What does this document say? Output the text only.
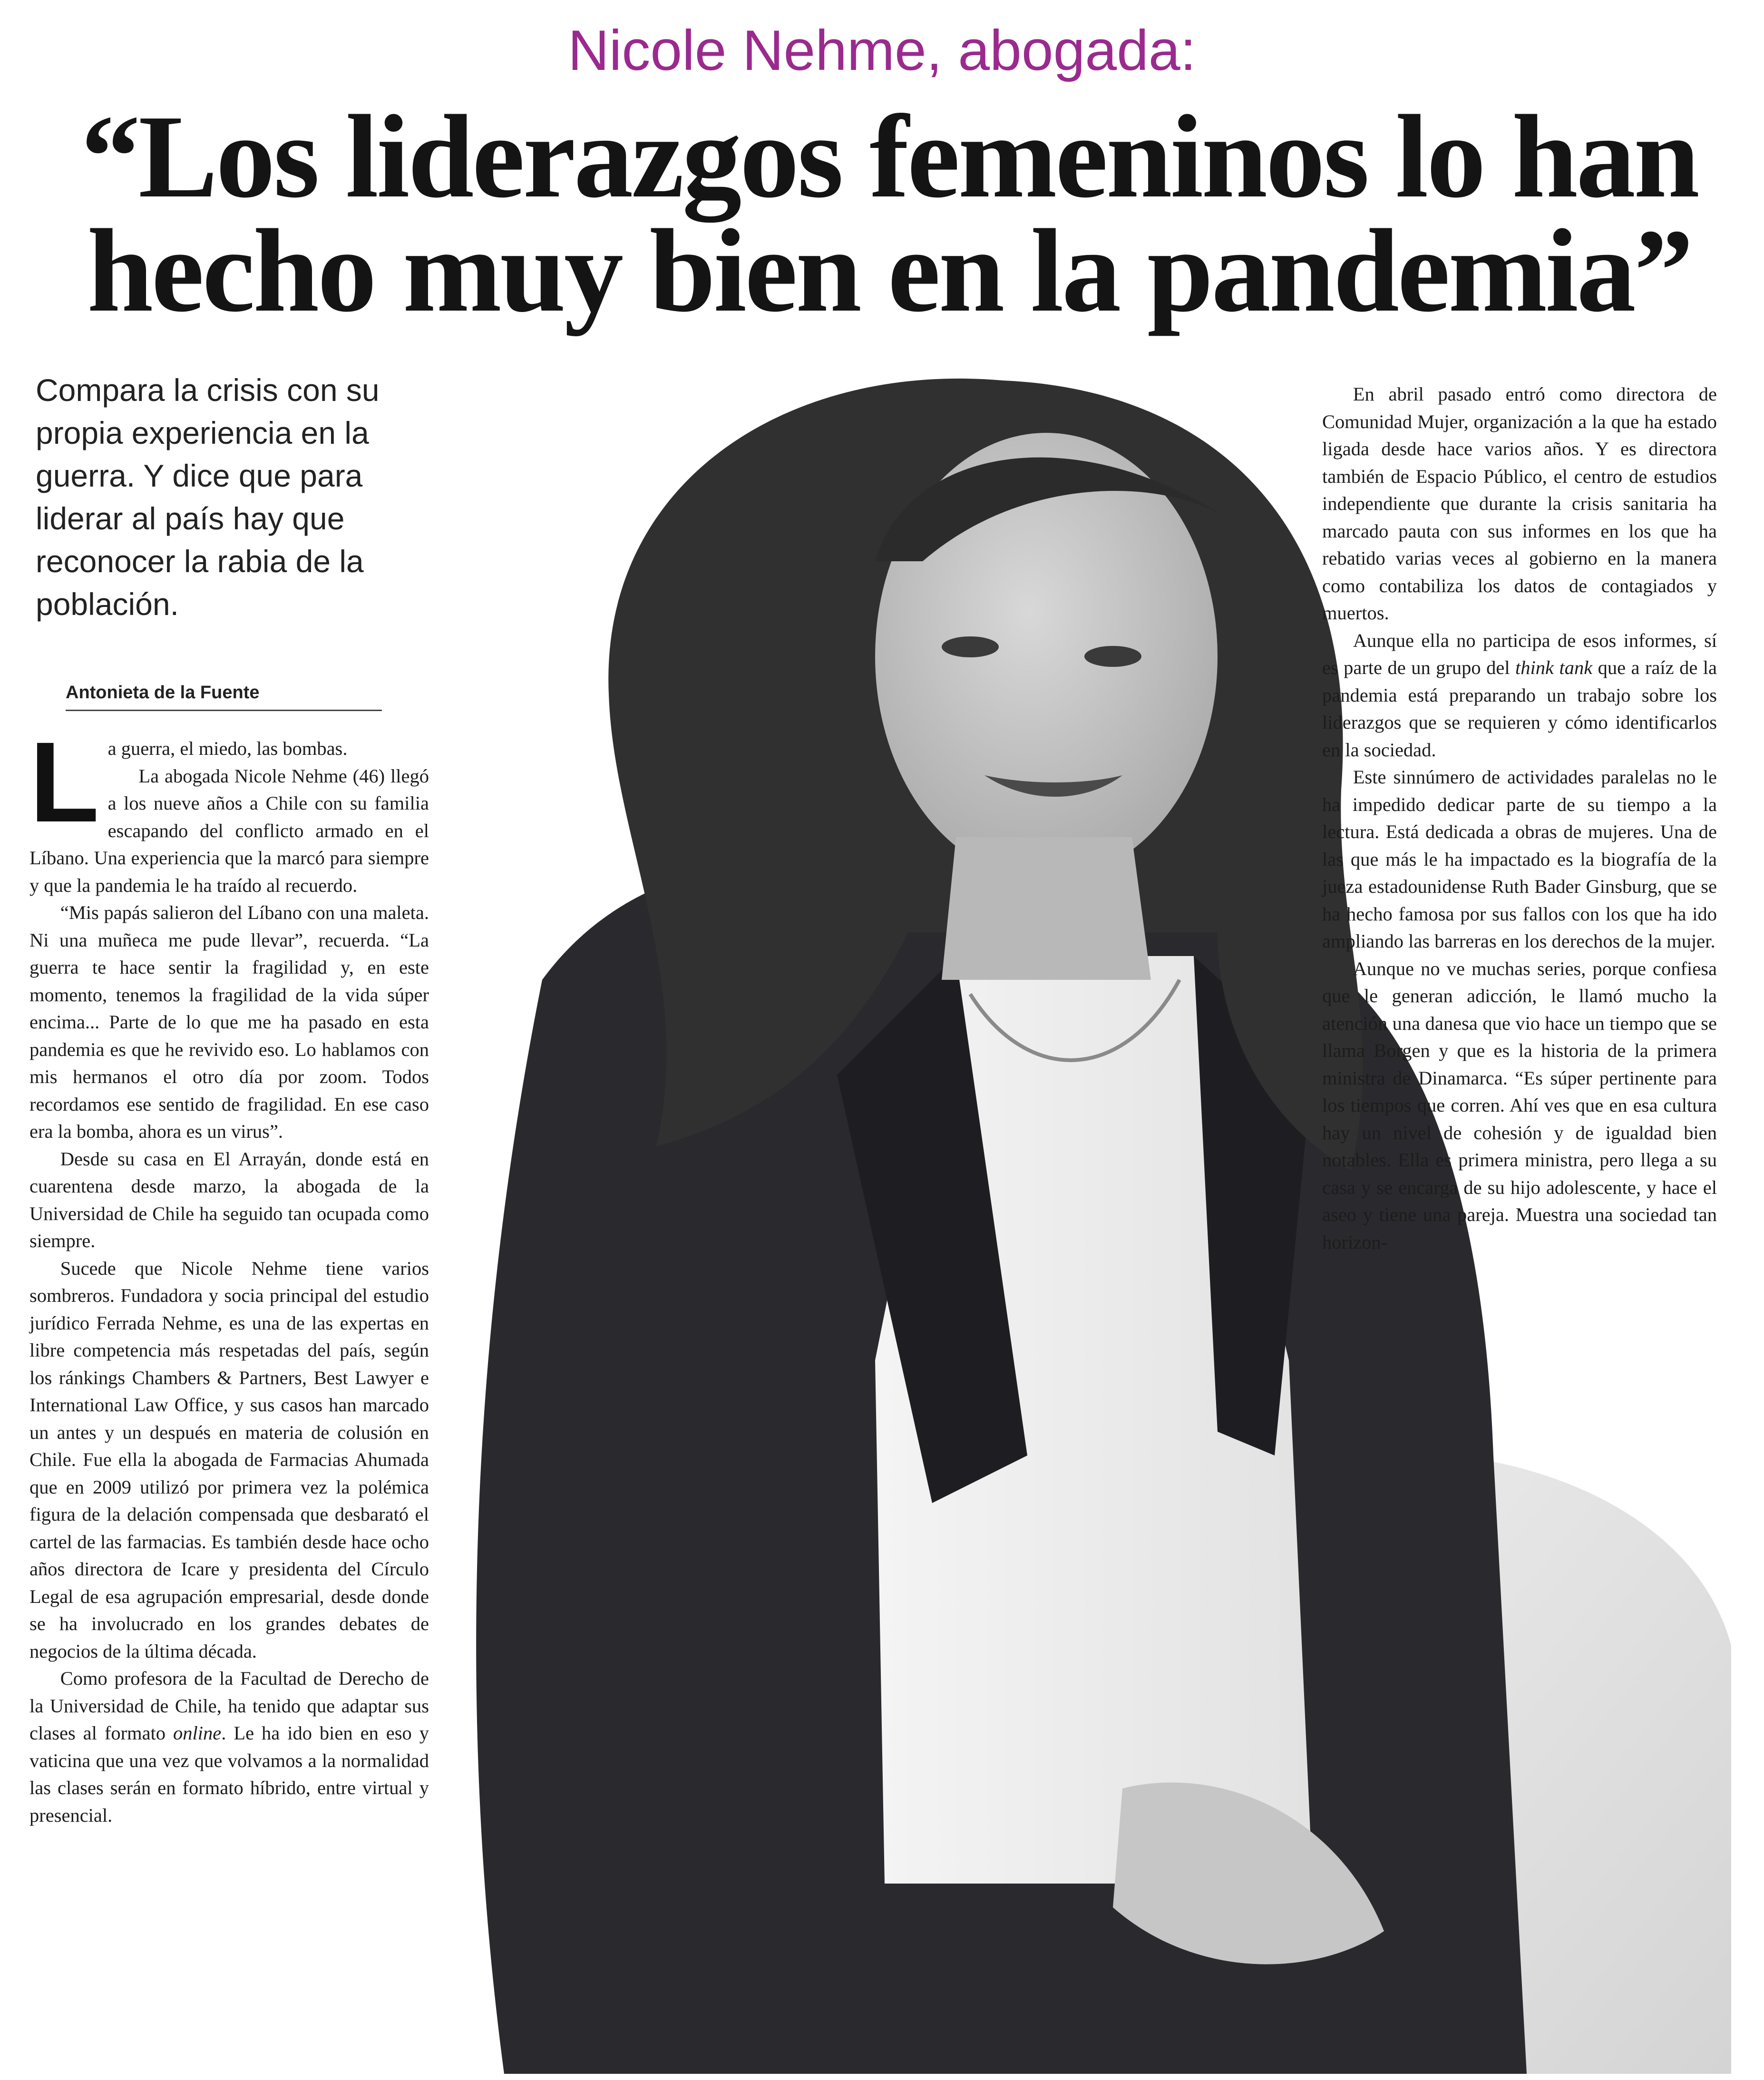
Nicole Nehme, abogada:
“Los liderazgos femeninos lo han
hecho muy bien en la pandemia”
Compara la crisis con su
propia experiencia en la
guerra. Y dice que para
liderar al país hay que
reconocer la rabia de la
población.
Antonieta de la Fuente

La guerra, el miedo, las bombas.

La abogada Nicole Nehme (46) llegó a los nueve años a Chile con su familia escapando del conflicto armado en el Líbano. Una experiencia que la marcó para siempre y que la pandemia le ha traído al recuerdo.

“Mis papás salieron del Líbano con una maleta. Ni una muñeca me pude llevar”, recuerda. “La guerra te hace sentir la fragilidad y, en este momento, tenemos la fragilidad de la vida súper encima... Parte de lo que me ha pasado en esta pandemia es que he revivido eso. Lo hablamos con mis hermanos el otro día por zoom. Todos recordamos ese sentido de fragilidad. En ese caso era la bomba, ahora es un virus”.

Desde su casa en El Arrayán, donde está en cuarentena desde marzo, la abogada de la Universidad de Chile ha seguido tan ocupada como siempre.

Sucede que Nicole Nehme tiene varios sombreros. Fundadora y socia principal del estudio jurídico Ferrada Nehme, es una de las expertas en libre competencia más respetadas del país, según los ránkings Chambers & Partners, Best Lawyer e International Law Office, y sus casos han marcado un antes y un después en materia de colusión en Chile. Fue ella la abogada de Farmacias Ahumada que en 2009 utilizó por primera vez la polémica figura de la delación compensada que desbarató el cartel de las farmacias. Es también desde hace ocho años directora de Icare y presidenta del Círculo Legal de esa agrupación empresarial, desde donde se ha involucrado en los grandes debates de negocios de la última década.

Como profesora de la Facultad de Derecho de la Universidad de Chile, ha tenido que adaptar sus clases al formato online. Le ha ido bien en eso y vaticina que una vez que volvamos a la normalidad las clases serán en formato híbrido, entre virtual y presencial.

En abril pasado entró como directora de Comunidad Mujer, organización a la que ha estado ligada desde hace varios años. Y es directora también de Espacio Público, el centro de estudios independiente que durante la crisis sanitaria ha marcado pauta con sus informes en los que ha rebatido varias veces al gobierno en la manera como contabiliza los datos de contagiados y muertos.

Aunque ella no participa de esos informes, sí es parte de un grupo del think tank que a raíz de la pandemia está preparando un trabajo sobre los liderazgos que se requieren y cómo identificarlos en la sociedad.

Este sinnúmero de actividades paralelas no le ha impedido dedicar parte de su tiempo a la lectura. Está dedicada a obras de mujeres. Una de las que más le ha impactado es la biografía de la jueza estadounidense Ruth Bader Ginsburg, que se ha hecho famosa por sus fallos con los que ha ido ampliando las barreras en los derechos de la mujer.

Aunque no ve muchas series, porque confiesa que le generan adicción, le llamó mucho la atención una danesa que vio hace un tiempo que se llama Borgen y que es la historia de la primera ministra de Dinamarca. “Es súper pertinente para los tiempos que corren. Ahí ves que en esa cultura hay un nivel de cohesión y de igualdad bien notables. Ella es primera ministra, pero llega a su casa y se encarga de su hijo adolescente, y hace el aseo y tiene una pareja. Muestra una sociedad tan horizon-
